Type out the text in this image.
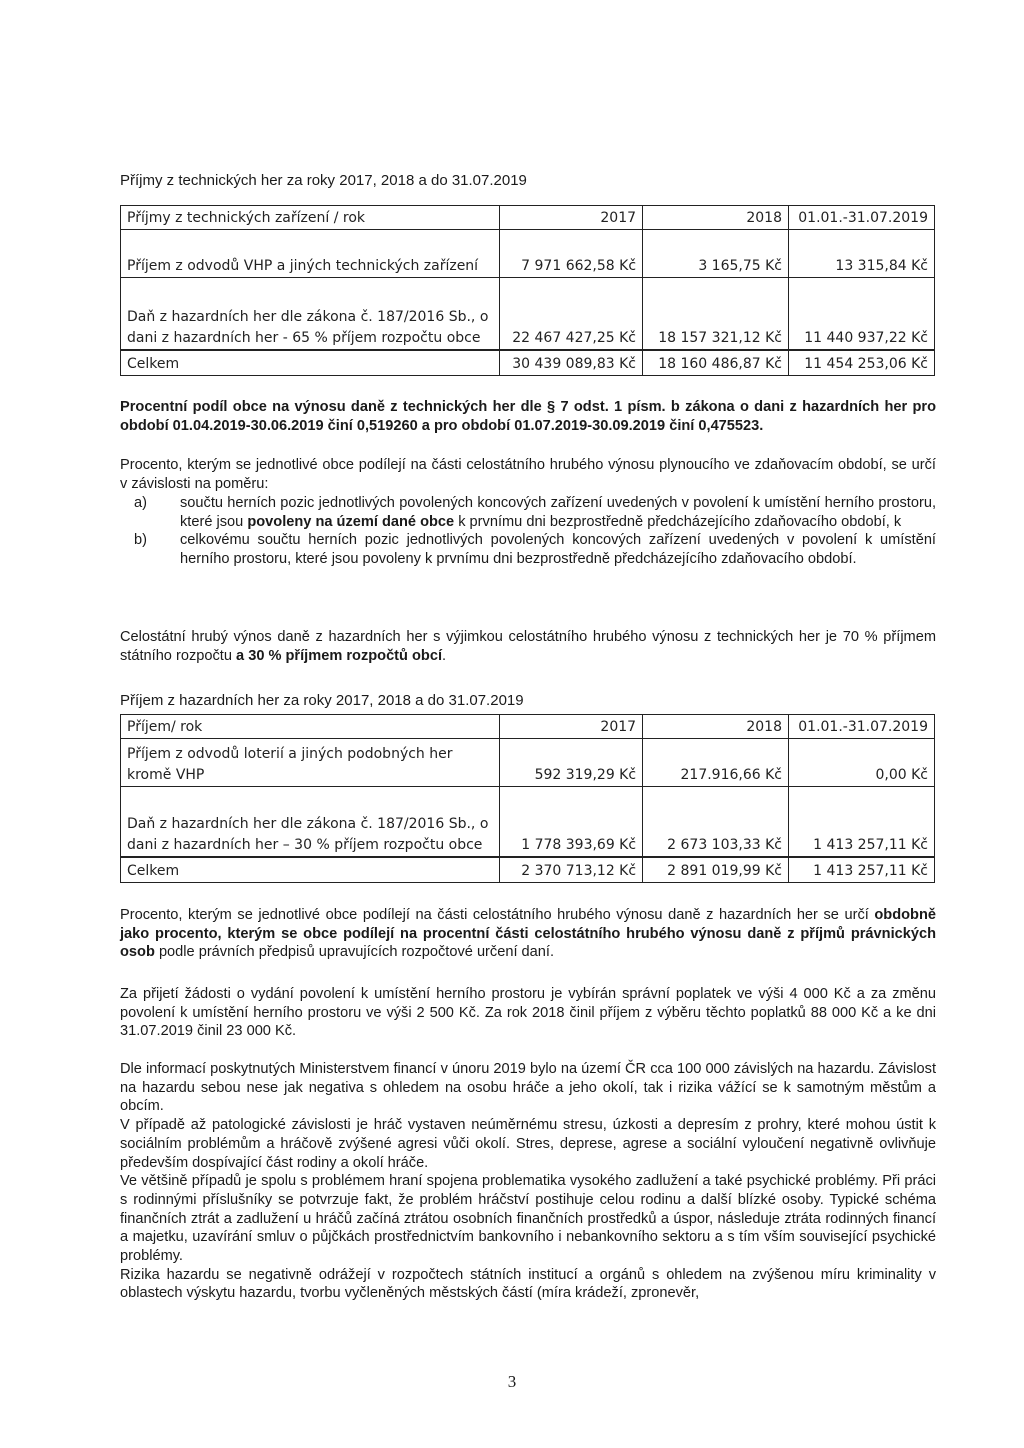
Příjmy z technických her za roky 2017, 2018 a do 31.07.2019
Příjmy z technických zařízení / rok	2017	2018	01.01.-31.07.2019
Příjem z odvodů VHP a jiných technických zařízení	7 971 662,58 Kč	3 165,75 Kč	13 315,84 Kč
Daň z hazardních her dle zákona č. 187/2016 Sb., o dani z hazardních her - 65 % příjem rozpočtu obce	22 467 427,25 Kč	18 157 321,12 Kč	11 440 937,22 Kč
Celkem	30 439 089,83 Kč	18 160 486,87 Kč	11 454 253,06 Kč
Procentní podíl obce na výnosu daně z technických her dle § 7 odst. 1 písm. b zákona o dani z hazardních her pro období 01.04.2019-30.06.2019 činí 0,519260 a pro období 01.07.2019-30.09.2019 činí 0,475523.
Procento, kterým se jednotlivé obce podílejí na části celostátního hrubého výnosu plynoucího ve zdaňovacím období, se určí v závislosti na poměru:
a) součtu herních pozic jednotlivých povolených koncových zařízení uvedených v povolení k umístění herního prostoru, které jsou povoleny na území dané obce k prvnímu dni bezprostředně předcházejícího zdaňovacího období, k
b) celkovému součtu herních pozic jednotlivých povolených koncových zařízení uvedených v povolení k umístění herního prostoru, které jsou povoleny k prvnímu dni bezprostředně předcházejícího zdaňovacího období.
Celostátní hrubý výnos daně z hazardních her s výjimkou celostátního hrubého výnosu z technických her je 70 % příjmem státního rozpočtu a 30 % příjmem rozpočtů obcí.
Příjem z hazardních her za roky 2017, 2018 a do 31.07.2019
Příjem/ rok	2017	2018	01.01.-31.07.2019
Příjem z odvodů loterií a jiných podobných her kromě VHP	592 319,29 Kč	217.916,66 Kč	0,00 Kč
Daň z hazardních her dle zákona č. 187/2016 Sb., o dani z hazardních her – 30 % příjem rozpočtu obce	1 778 393,69 Kč	2 673 103,33 Kč	1 413 257,11 Kč
Celkem	2 370 713,12 Kč	2 891 019,99 Kč	1 413 257,11 Kč
Procento, kterým se jednotlivé obce podílejí na části celostátního hrubého výnosu daně z hazardních her se určí obdobně jako procento, kterým se obce podílejí na procentní části celostátního hrubého výnosu daně z příjmů právnických osob podle právních předpisů upravujících rozpočtové určení daní.
Za přijetí žádosti o vydání povolení k umístění herního prostoru je vybírán správní poplatek ve výši 4 000 Kč a za změnu povolení k umístění herního prostoru ve výši 2 500 Kč. Za rok 2018 činil příjem z výběru těchto poplatků 88 000 Kč a ke dni 31.07.2019 činil 23 000 Kč.

Dle informací poskytnutých Ministerstvem financí v únoru 2019 bylo na území ČR cca 100 000 závislých na hazardu. Závislost na hazardu sebou nese jak negativa s ohledem na osobu hráče a jeho okolí, tak i rizika vážící se k samotným městům a obcím.

V případě až patologické závislosti je hráč vystaven neúměrnému stresu, úzkosti a depresím z prohry, které mohou ústit k sociálním problémům a hráčově zvýšené agresi vůči okolí. Stres, deprese, agrese a sociální vyloučení negativně ovlivňuje především dospívající část rodiny a okolí hráče.

Ve většině případů je spolu s problémem hraní spojena problematika vysokého zadlužení a také psychické problémy. Při práci s rodinnými příslušníky se potvrzuje fakt, že problém hráčství postihuje celou rodinu a další blízké osoby. Typické schéma finančních ztrát a zadlužení u hráčů začíná ztrátou osobních finančních prostředků a úspor, následuje ztráta rodinných financí a majetku, uzavírání smluv o půjčkách prostřednictvím bankovního i nebankovního sektoru a s tím vším související psychické problémy.

Rizika hazardu se negativně odrážejí v rozpočtech státních institucí a orgánů s ohledem na zvýšenou míru kriminality v oblastech výskytu hazardu, tvorbu vyčleněných městských částí (míra krádeží, zpronevěr,

3
